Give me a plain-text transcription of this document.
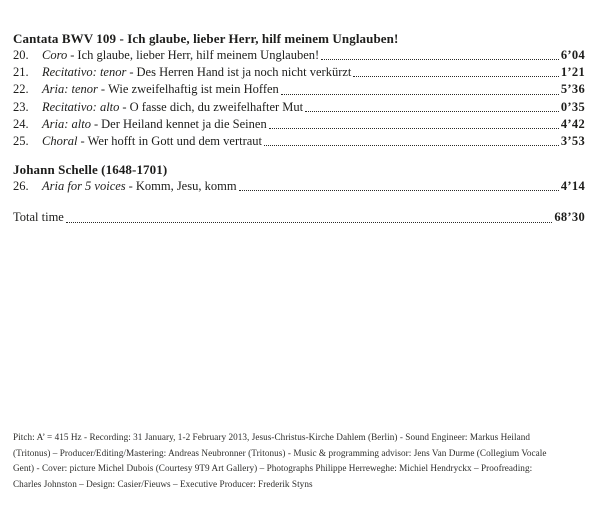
Cantata BWV 109 - Ich glaube, lieber Herr, hilf meinem Unglauben!
20.	Coro - Ich glaube, lieber Herr, hilf meinem Unglauben!	6’04
21.	Recitativo: tenor - Des Herren Hand ist ja noch nicht verkürzt	1’21
22.	Aria: tenor - Wie zweifelhaftig ist mein Hoffen	5’36
23.	Recitativo: alto - O fasse dich, du zweifelhafter Mut	0’35
24.	Aria: alto - Der Heiland kennet ja die Seinen	4’42
25.	Choral - Wer hofft in Gott und dem vertraut	3’53
Johann Schelle (1648-1701)
26.	Aria for 5 voices - Komm, Jesu, komm	4’14
Total time	68’30
Pitch: A’ = 415 Hz - Recording: 31 January, 1-2 February 2013, Jesus-Christus-Kirche Dahlem (Berlin) - Sound Engineer: Markus Heiland
(Tritonus) – Producer/Editing/Mastering: Andreas Neubronner (Tritonus) - Music & programming advisor: Jens Van Durme (Collegium Vocale
Gent) - Cover: picture Michel Dubois (Courtesy 9T9 Art Gallery) – Photographs Philippe Herreweghe: Michiel Hendryckx – Proofreading:
Charles Johnston – Design: Casier/Fieuws – Executive Producer: Frederik Styns
